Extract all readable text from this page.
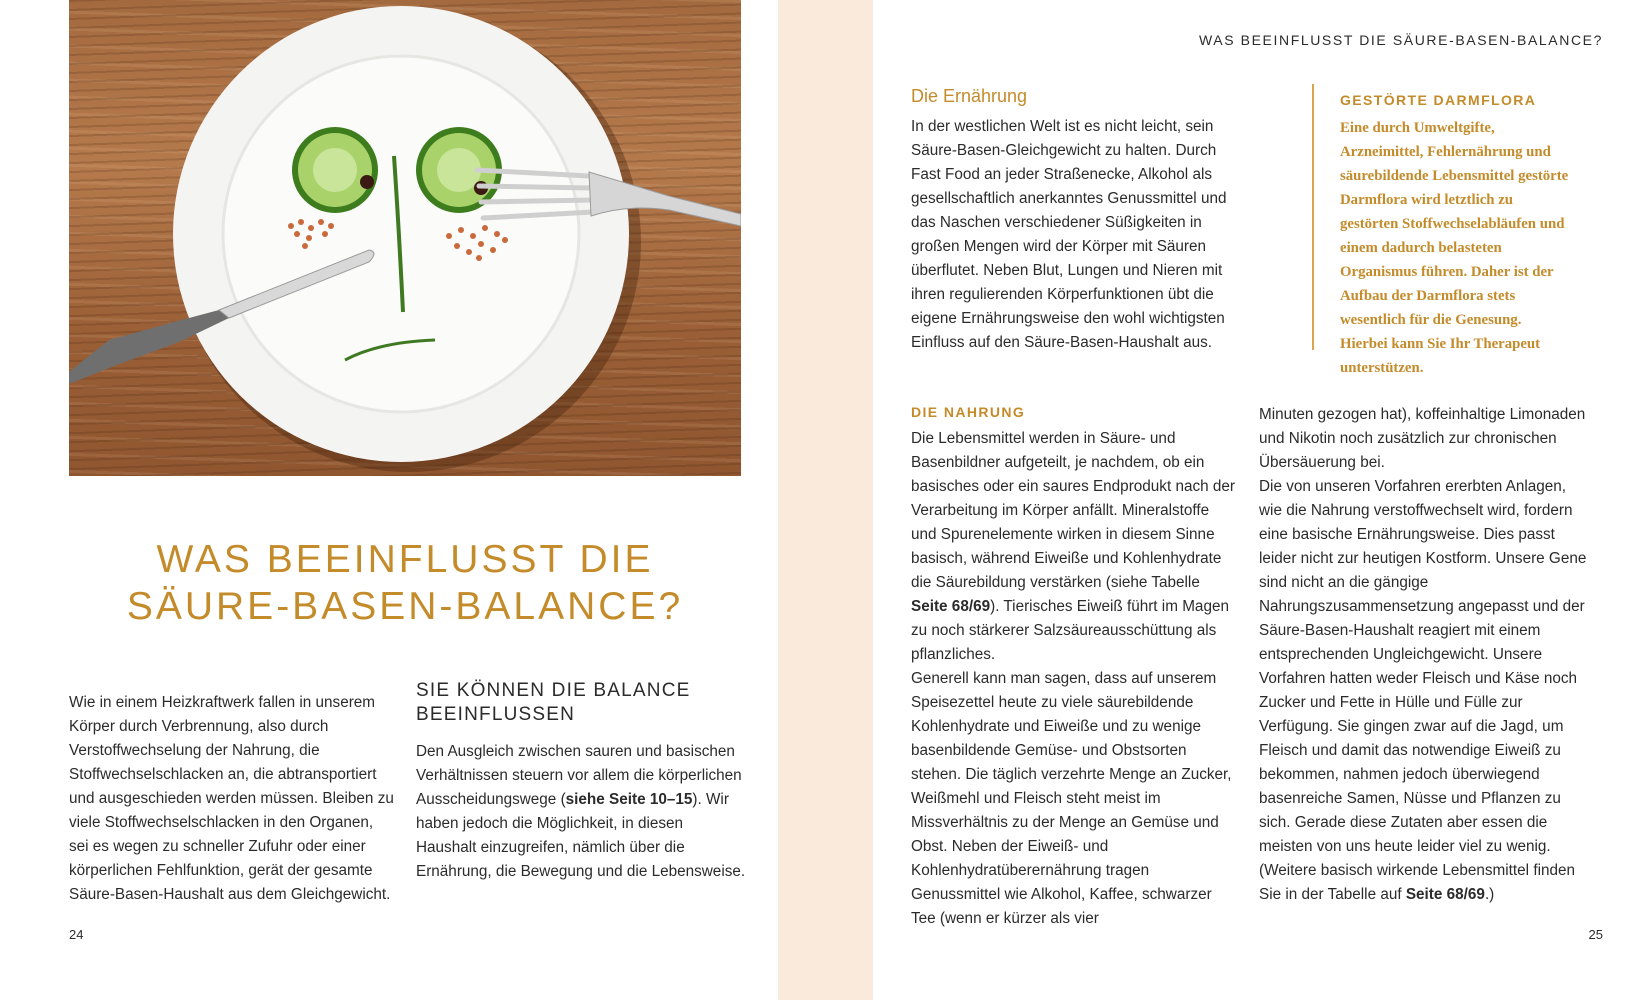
WAS BEEINFLUSST DIE
SÄURE-BASEN-BALANCE?

Wie in einem Heizkraftwerk fallen in unserem Körper durch Verbrennung, also durch Verstoffwechselung der Nahrung, die Stoffwechselschlacken an, die abtransportiert und ausgeschieden werden müssen. Bleiben zu viele Stoffwechselschlacken in den Organen, sei es wegen zu schneller Zufuhr oder einer körperlichen Fehlfunktion, gerät der gesamte Säure-Basen-Haushalt aus dem Gleichgewicht.

SIE KÖNNEN DIE BALANCE
BEEINFLUSSEN

Den Ausgleich zwischen sauren und basischen Verhältnissen steuern vor allem die körperlichen Ausscheidungswege (siehe Seite 10–15). Wir haben jedoch die Möglichkeit, in diesen Haushalt einzugreifen, nämlich über die Ernährung, die Bewegung und die Lebensweise.

24

WAS BEEINFLUSST DIE SÄURE-BASEN-BALANCE?

Die Ernährung

In der westlichen Welt ist es nicht leicht, sein Säure-Basen-Gleichgewicht zu halten. Durch Fast Food an jeder Straßenecke, Alkohol als gesellschaftlich anerkanntes Genussmittel und das Naschen verschiedener Süßigkeiten in großen Mengen wird der Körper mit Säuren überflutet. Neben Blut, Lungen und Nieren mit ihren regulierenden Körperfunktionen übt die eigene Ernährungsweise den wohl wichtigsten Einfluss auf den Säure-Basen-Haushalt aus.

GESTÖRTE DARMFLORA

Eine durch Umweltgifte, Arzneimittel, Fehlernährung und säurebildende Lebensmittel gestörte Darmflora wird letztlich zu gestörten Stoffwechselabläufen und einem dadurch belasteten Organismus führen. Daher ist der Aufbau der Darmflora stets wesentlich für die Genesung. Hierbei kann Sie Ihr Therapeut unterstützen.

DIE NAHRUNG
Die Lebensmittel werden in Säure- und Basenbildner aufgeteilt, je nachdem, ob ein basisches oder ein saures Endprodukt nach der Verarbeitung im Körper anfällt. Mineralstoffe und Spurenelemente wirken in diesem Sinne basisch, während Eiweiße und Kohlenhydrate die Säurebildung verstärken (siehe Tabelle Seite 68/69). Tierisches Eiweiß führt im Magen zu noch stärkerer Salzsäureausschüttung als pflanzliches.
Generell kann man sagen, dass auf unserem Speisezettel heute zu viele säurebildende Kohlenhydrate und Eiweiße und zu wenige basenbildende Gemüse- und Obstsorten stehen. Die täglich verzehrte Menge an Zucker, Weißmehl und Fleisch steht meist im Missverhältnis zu der Menge an Gemüse und Obst. Neben der Eiweiß- und Kohlenhydratüberernährung tragen Genussmittel wie Alkohol, Kaffee, schwarzer Tee (wenn er kürzer als vier
Minuten gezogen hat), koffeinhaltige Limonaden und Nikotin noch zusätzlich zur chronischen Übersäuerung bei.
Die von unseren Vorfahren ererbten Anlagen, wie die Nahrung verstoffwechselt wird, fordern eine basische Ernährungsweise. Dies passt leider nicht zur heutigen Kostform. Unsere Gene sind nicht an die gängige Nahrungszusammensetzung angepasst und der Säure-Basen-Haushalt reagiert mit einem entsprechenden Ungleichgewicht. Unsere Vorfahren hatten weder Fleisch und Käse noch Zucker und Fette in Hülle und Fülle zur Verfügung. Sie gingen zwar auf die Jagd, um Fleisch und damit das notwendige Eiweiß zu bekommen, nahmen jedoch überwiegend basenreiche Samen, Nüsse und Pflanzen zu sich. Gerade diese Zutaten aber essen die meisten von uns heute leider viel zu wenig.
(Weitere basisch wirkende Lebensmittel finden Sie in der Tabelle auf Seite 68/69.)
25
